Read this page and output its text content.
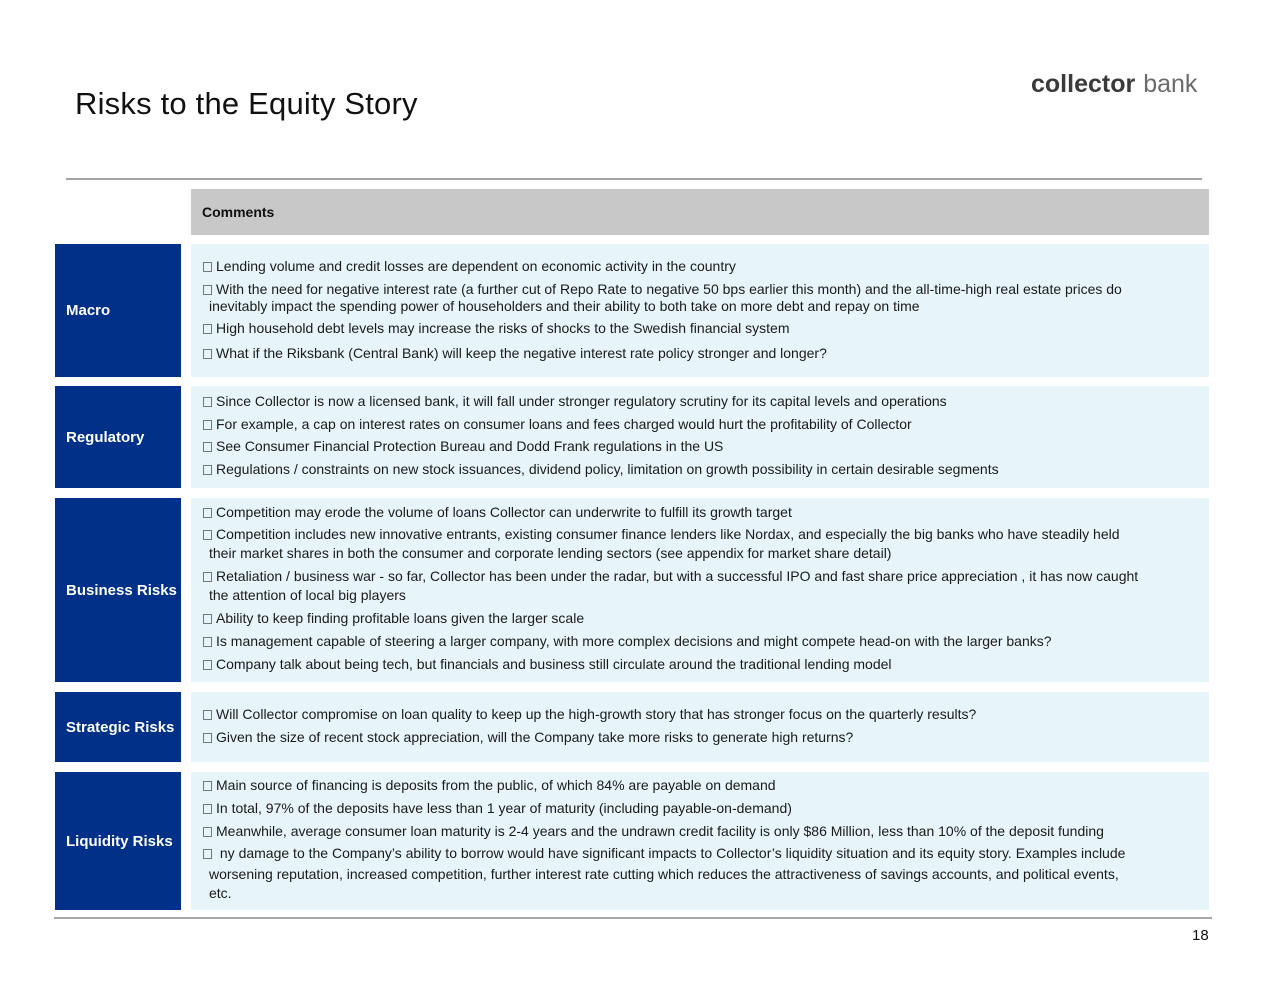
Risks to the Equity Story
collector bank
Comments
Macro
Lending volume and credit losses are dependent on economic activity in the country
With the need for negative interest rate (a further cut of Repo Rate to negative 50 bps earlier this month) and the all-time-high real estate prices do
inevitably impact the spending power of householders and their ability to both take on more debt and repay on time
High household debt levels may increase the risks of shocks to the Swedish financial system
What if the Riksbank (Central Bank) will keep the negative interest rate policy stronger and longer?
Regulatory
Since Collector is now a licensed bank, it will fall under stronger regulatory scrutiny for its capital levels and operations
For example, a cap on interest rates on consumer loans and fees charged would hurt the profitability of Collector
See Consumer Financial Protection Bureau and Dodd Frank regulations in the US
Regulations / constraints on new stock issuances, dividend policy, limitation on growth possibility in certain desirable segments
Business Risks
Competition may erode the volume of loans Collector can underwrite to fulfill its growth target
Competition includes new innovative entrants, existing consumer finance lenders like Nordax, and especially the big banks who have steadily held
their market shares in both the consumer and corporate lending sectors (see appendix for market share detail)
Retaliation / business war - so far, Collector has been under the radar, but with a successful IPO and fast share price appreciation , it has now caught
the attention of local big players
Ability to keep finding profitable loans given the larger scale
Is management capable of steering a larger company, with more complex decisions and might compete head-on with the larger banks?
Company talk about being tech, but financials and business still circulate around the traditional lending model
Strategic Risks
Will Collector compromise on loan quality to keep up the high-growth story that has stronger focus on the quarterly results?
Given the size of recent stock appreciation, will the Company take more risks to generate high returns?
Liquidity Risks
Main source of financing is deposits from the public, of which 84% are payable on demand
In total, 97% of the deposits have less than 1 year of maturity (including payable-on-demand)
Meanwhile, average consumer loan maturity is 2-4 years and the undrawn credit facility is only $86 Million, less than 10% of the deposit funding
ny damage to the Company’s ability to borrow would have significant impacts to Collector’s liquidity situation and its equity story. Examples include
worsening reputation, increased competition, further interest rate cutting which reduces the attractiveness of savings accounts, and political events,
etc.
18
